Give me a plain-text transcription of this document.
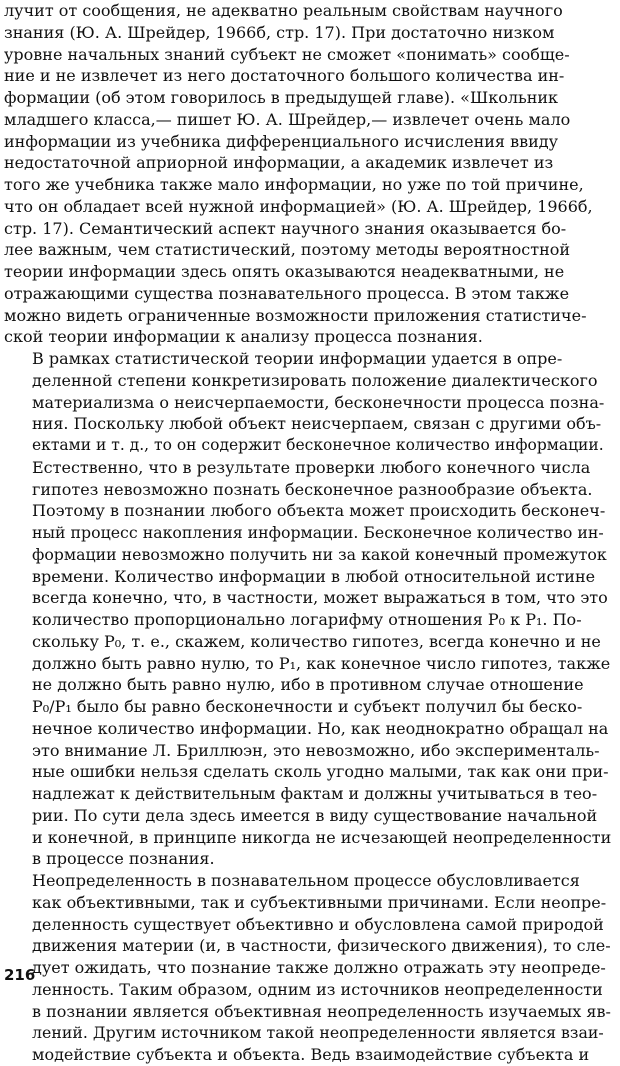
лучит от сообщения, не адекватно реальным свойствам научного
знания (Ю. А. Шрейдер, 1966б, стр. 17). При достаточно низком
уровне начальных знаний субъект не сможет «понимать» сообще-
ние и не извлечет из него достаточного большого количества ин-
формации (об этом говорилось в предыдущей главе). «Школьник
младшего класса,— пишет Ю. А. Шрейдер,— извлечет очень мало
информации из учебника дифференциального исчисления ввиду
недостаточной априорной информации, а академик извлечет из
того же учебника также мало информации, но уже по той причине,
что он обладает всей нужной информацией» (Ю. А. Шрейдер, 1966б,
стр. 17). Семантический аспект научного знания оказывается бо-
лее важным, чем статистический, поэтому методы вероятностной
теории информации здесь опять оказываются неадекватными, не
отражающими существа познавательного процесса. В этом также
можно видеть ограниченные возможности приложения статистиче-
ской теории информации к анализу процесса познания.
В рамках статистической теории информации удается в опре-
деленной степени конкретизировать положение диалектического
материализма о неисчерпаемости, бесконечности процесса позна-
ния. Поскольку любой объект неисчерпаем, связан с другими объ-
ектами и т. д., то он содержит бесконечное количество информации.
Естественно, что в результате проверки любого конечного числа
гипотез невозможно познать бесконечное разнообразие объекта.
Поэтому в познании любого объекта может происходить бесконеч-
ный процесс накопления информации. Бесконечное количество ин-
формации невозможно получить ни за какой конечный промежуток
времени. Количество информации в любой относительной истине
всегда конечно, что, в частности, может выражаться в том, что это
количество пропорционально логарифму отношения P₀ к P₁. По-
скольку P₀, т. е., скажем, количество гипотез, всегда конечно и не
должно быть равно нулю, то P₁, как конечное число гипотез, также
не должно быть равно нулю, ибо в противном случае отношение
P₀/P₁ было бы равно бесконечности и субъект получил бы беско-
нечное количество информации. Но, как неоднократно обращал на
это внимание Л. Бриллюэн, это невозможно, ибо эксперименталь-
ные ошибки нельзя сделать сколь угодно малыми, так как они при-
надлежат к действительным фактам и должны учитываться в тео-
рии. По сути дела здесь имеется в виду существование начальной
и конечной, в принципе никогда не исчезающей неопределенности
в процессе познания.
Неопределенность в познавательном процессе обусловливается
как объективными, так и субъективными причинами. Если неопре-
деленность существует объективно и обусловлена самой природой
движения материи (и, в частности, физического движения), то сле-
дует ожидать, что познание также должно отражать эту неопреде-
ленность. Таким образом, одним из источников неопределенности
в познании является объективная неопределенность изучаемых яв-
лений. Другим источником такой неопределенности является взаи-
модействие субъекта и объекта. Ведь взаимодействие субъекта и
216
